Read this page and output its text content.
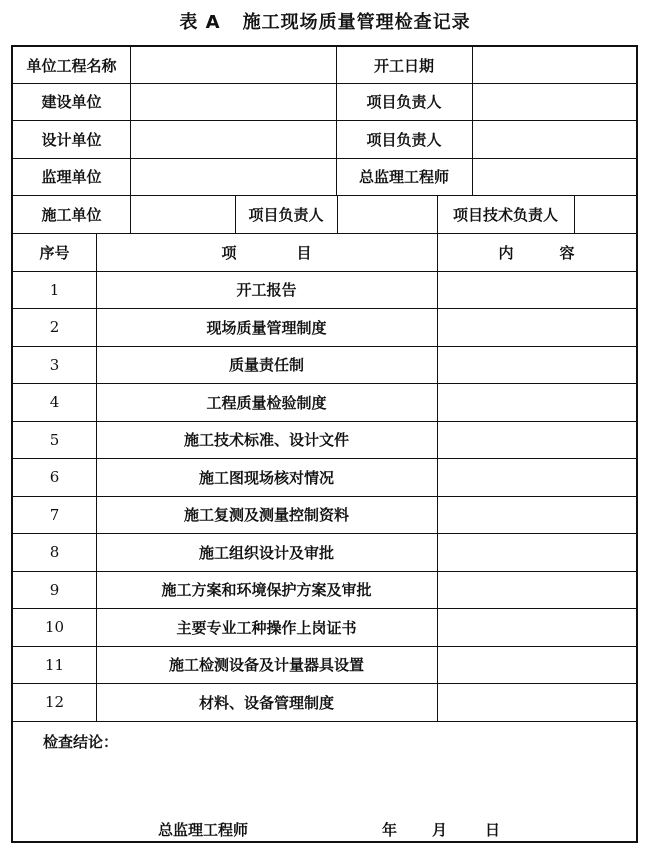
表 A 施工现场质量管理检查记录
单位工程名称	开工日期
建设单位	项目负责人
设计单位	项目负责人
监理单位	总监理工程师
施工单位	项目负责人	项目技术负责人
序号	项目	内容
1	开工报告
2	现场质量管理制度
3	质量责任制
4	工程质量检验制度
5	施工技术标准、设计文件
6	施工图现场核对情况
7	施工复测及测量控制资料
8	施工组织设计及审批
9	施工方案和环境保护方案及审批
10	主要专业工种操作上岗证书
11	施工检测设备及计量器具设置
12	材料、设备管理制度
检查结论：
总监理工程师	年 月	日
